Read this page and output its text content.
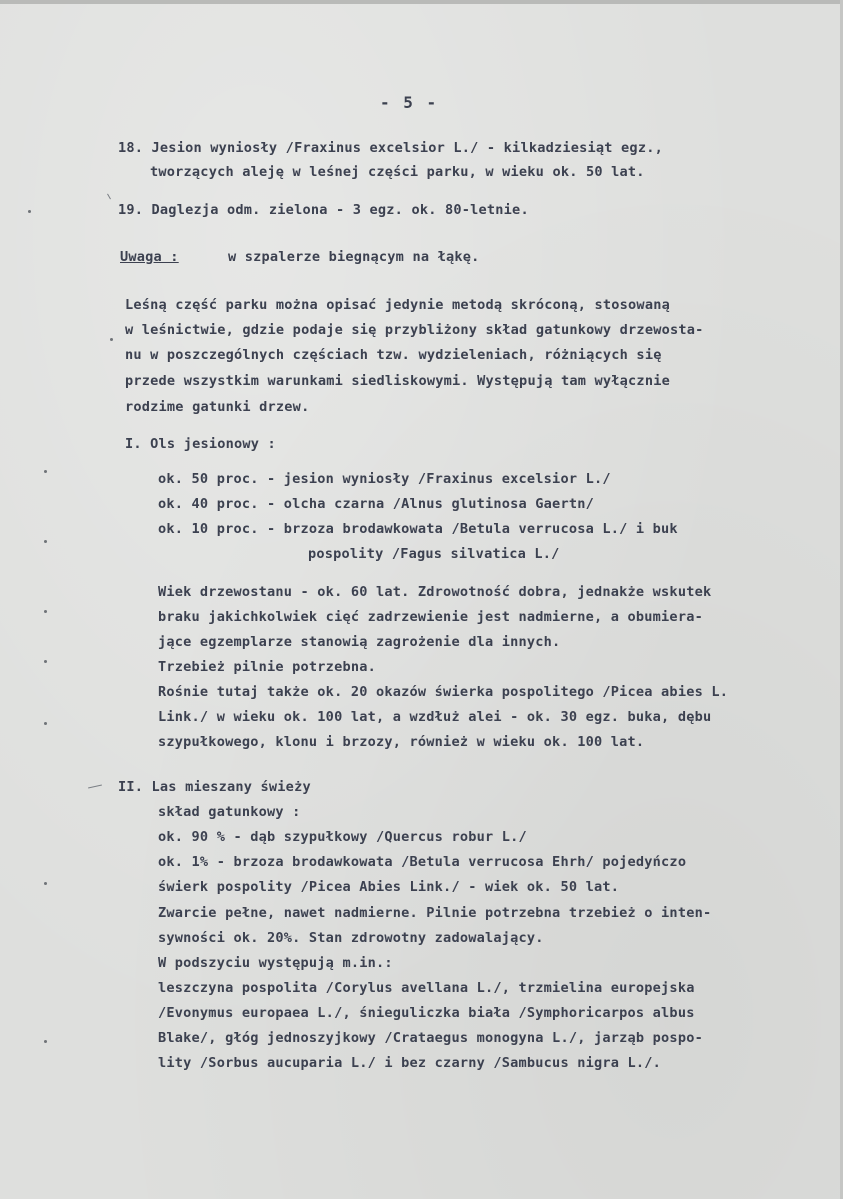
- 5 -
18. Jesion wyniosły /Fraxinus excelsior L./ - kilkadziesiąt egz.,
tworzących aleję w leśnej części parku, w wieku ok. 50 lat.
19. Daglezja odm. zielona - 3 egz. ok. 80-letnie.
Uwaga :	w szpalerze biegnącym na łąkę.
Leśną część parku można opisać jedynie metodą skróconą, stosowaną
w leśnictwie, gdzie podaje się przybliżony skład gatunkowy drzewosta-
nu w poszczególnych częściach tzw. wydzieleniach, różniących się
przede wszystkim warunkami siedliskowymi. Występują tam wyłącznie
rodzime gatunki drzew.
I. Ols jesionowy :
ok. 50 proc. - jesion wyniosły /Fraxinus excelsior L./
ok. 40 proc. - olcha czarna /Alnus glutinosa Gaertn/
ok. 10 proc. - brzoza brodawkowata /Betula verrucosa L./ i buk
pospolity /Fagus silvatica L./
Wiek drzewostanu - ok. 60 lat. Zdrowotność dobra, jednakże wskutek
braku jakichkolwiek cięć zadrzewienie jest nadmierne, a obumiera-
jące egzemplarze stanowią zagrożenie dla innych.
Trzebież pilnie potrzebna.
Rośnie tutaj także ok. 20 okazów świerka pospolitego /Picea abies L.
Link./ w wieku ok. 100 lat, a wzdłuż alei - ok. 30 egz. buka, dębu
szypułkowego, klonu i brzozy, również w wieku ok. 100 lat.
II. Las mieszany świeży
skład gatunkowy :
ok. 90 % - dąb szypułkowy /Quercus robur L./
ok. 1% - brzoza brodawkowata /Betula verrucosa Ehrh/ pojedyńczo
świerk pospolity /Picea Abies Link./ - wiek ok. 50 lat.
Zwarcie pełne, nawet nadmierne. Pilnie potrzebna trzebież o inten-
sywności ok. 20%. Stan zdrowotny zadowalający.
W podszyciu występują m.in.:
leszczyna pospolita /Corylus avellana L./, trzmielina europejska
/Evonymus europaea L./, śnieguliczka biała /Symphoricarpos albus
Blake/, głóg jednoszyjkowy /Crataegus monogyna L./, jarząb pospo-
lity /Sorbus aucuparia L./ i bez czarny /Sambucus nigra L./.
